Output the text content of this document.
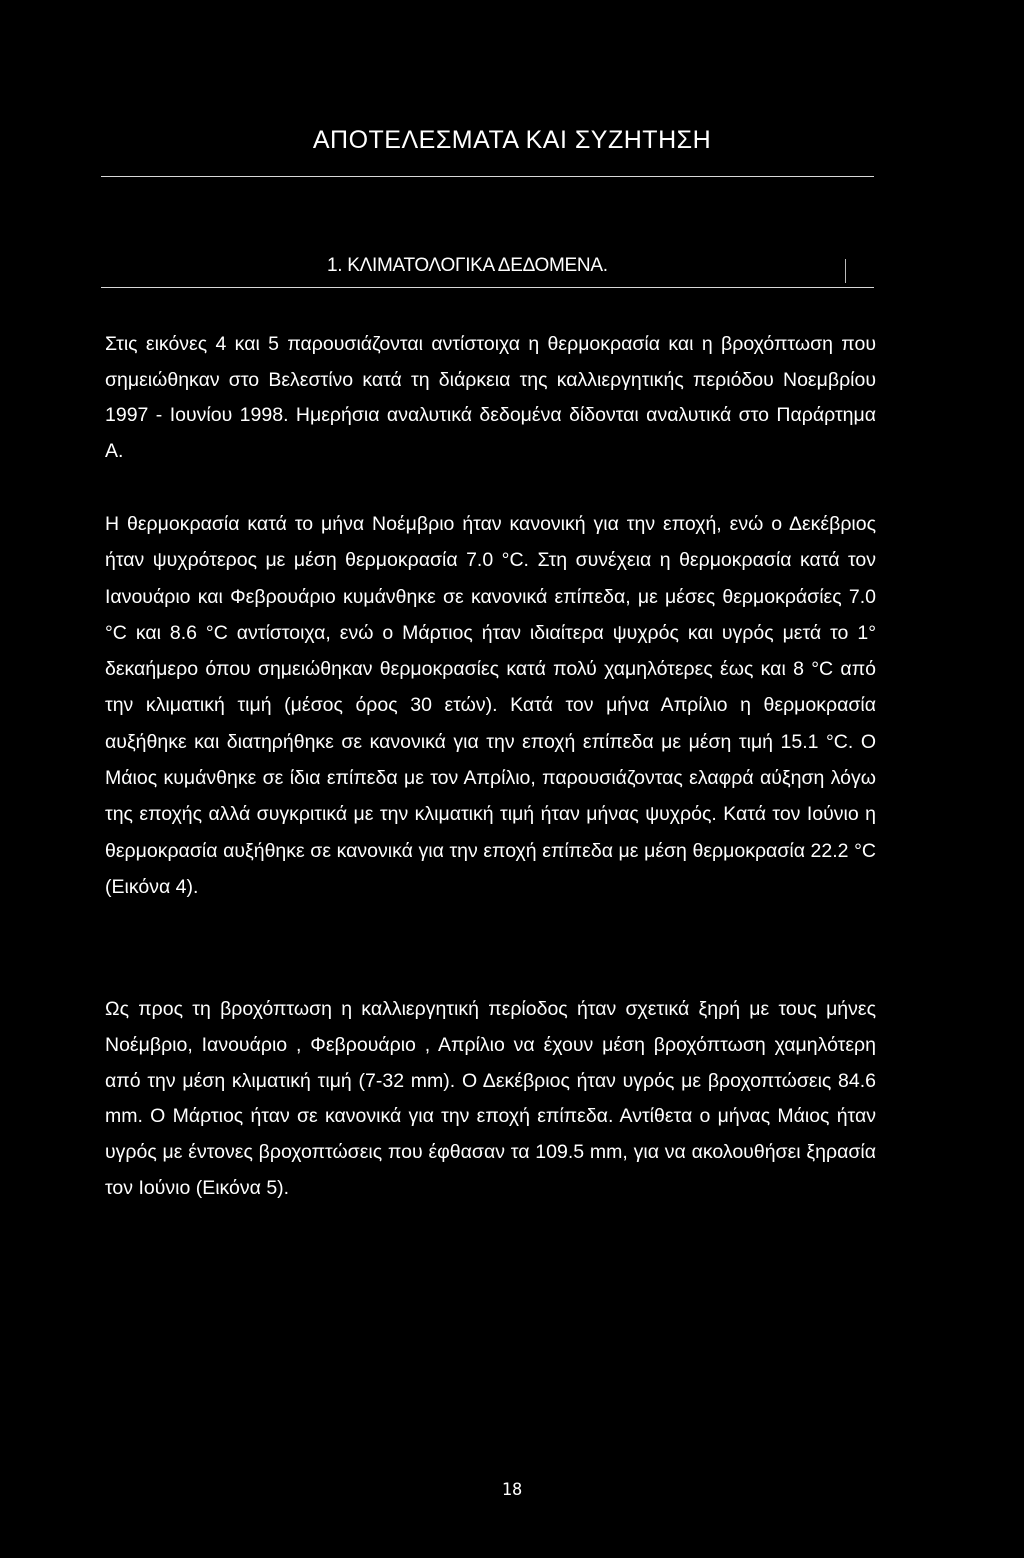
ΑΠΟΤΕΛΕΣΜΑΤΑ ΚΑΙ ΣΥΖΗΤΗΣΗ
1. ΚΛΙΜΑΤΟΛΟΓΙΚΑ ΔΕΔΟΜΕΝΑ.

Στις εικόνες 4 και 5 παρουσιάζονται αντίστοιχα η θερμοκρασία και η βροχόπτωση που σημειώθηκαν στο Βελεστίνο κατά τη διάρκεια της καλλιεργητικής περιόδου Νοεμβρίου 1997 - Ιουνίου 1998. Ημερήσια αναλυτικά δεδομένα δίδονται αναλυτικά στο Παράρτημα Α.

Η θερμοκρασία κατά το μήνα Νοέμβριο ήταν κανονική για την εποχή, ενώ ο Δεκέβριος ήταν ψυχρότερος με μέση θερμοκρασία 7.0 °C. Στη συνέχεια η θερμοκρασία κατά τον Ιανουάριο και Φεβρουάριο κυμάνθηκε σε κανονικά επίπεδα, με μέσες θερμοκράσίες 7.0 °C και 8.6 °C αντίστοιχα, ενώ ο Μάρτιος ήταν ιδιαίτερα ψυχρός και υγρός μετά το 1° δεκαήμερο όπου σημειώθηκαν θερμοκρασίες κατά πολύ χαμηλότερες έως και 8 °C από την κλιματική τιμή (μέσος όρος 30 ετών). Κατά τον μήνα Απρίλιο η θερμοκρασία αυξήθηκε και διατηρήθηκε σε κανονικά για την εποχή επίπεδα με μέση τιμή 15.1 °C. Ο Μάιος κυμάνθηκε σε ίδια επίπεδα με τον Απρίλιο, παρουσιάζοντας ελαφρά αύξηση λόγω της εποχής αλλά συγκριτικά με την κλιματική τιμή ήταν μήνας ψυχρός. Κατά τον Ιούνιο η θερμοκρασία αυξήθηκε σε κανονικά για την εποχή επίπεδα με μέση θερμοκρασία 22.2 °C (Εικόνα 4).

Ως προς τη βροχόπτωση η καλλιεργητική περίοδος ήταν σχετικά ξηρή με τους μήνες Νοέμβριο, Ιανουάριο , Φεβρουάριο , Απρίλιο να έχουν μέση βροχόπτωση χαμηλότερη από την μέση κλιματική τιμή (7-32 mm). Ο Δεκέβριος ήταν υγρός με βροχοπτώσεις 84.6 mm. Ο Μάρτιος ήταν σε κανονικά για την εποχή επίπεδα. Αντίθετα ο μήνας Μάιος ήταν υγρός με έντονες βροχοπτώσεις που έφθασαν τα 109.5 mm, για να ακολουθήσει ξηρασία τον Ιούνιο (Εικόνα 5).

18
